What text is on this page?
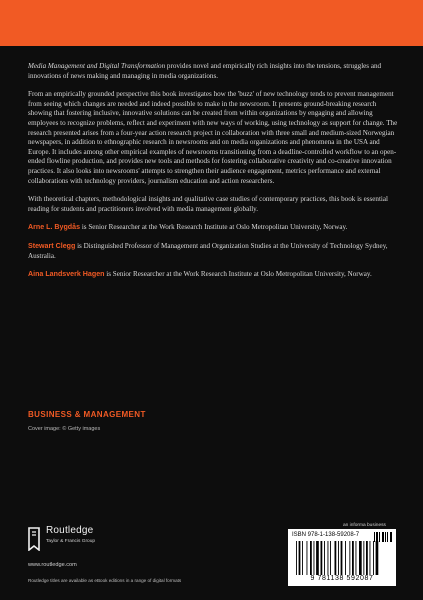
Media Management and Digital Transformation provides novel and empirically rich insights into the tensions, struggles and innovations of news making and managing in media organizations.

From an empirically grounded perspective this book investigates how the 'buzz' of new technology tends to prevent management from seeing which changes are needed and indeed possible to make in the newsroom. It presents ground-breaking research showing that fostering inclusive, innovative solutions can be created from within organizations by engaging and allowing employees to recognize problems, reflect and experiment with new ways of working, using technology as support for change. The research presented arises from a four-year action research project in collaboration with three small and medium-sized Norwegian newspapers, in addition to ethnographic research in newsrooms and on media organizations and phenomena in the USA and Europe. It includes among other empirical examples of newsrooms transitioning from a deadline-controlled workflow to an open-ended flowline production, and provides new tools and methods for fostering collaborative creativity and co-creative innovation practices. It also looks into newsrooms' attempts to strengthen their audience engagement, metrics performance and external collaborations with technology providers, journalism education and action researchers.

With theoretical chapters, methodological insights and qualitative case studies of contemporary practices, this book is essential reading for students and practitioners involved with media management globally.

Arne L. Bygdås is Senior Researcher at the Work Research Institute at Oslo Metropolitan University, Norway.

Stewart Clegg is Distinguished Professor of Management and Organization Studies at the University of Technology Sydney, Australia.

Aina Landsverk Hagen is Senior Researcher at the Work Research Institute at Oslo Metropolitan University, Norway.

BUSINESS & MANAGEMENT
Cover image: © Getty images
Routledge
Taylor & Francis Group
www.routledge.com
Routledge titles are available as eBook editions in a range of digital formats
an informa business
ISBN 978-1-138-59208-7
9 781138 592087
